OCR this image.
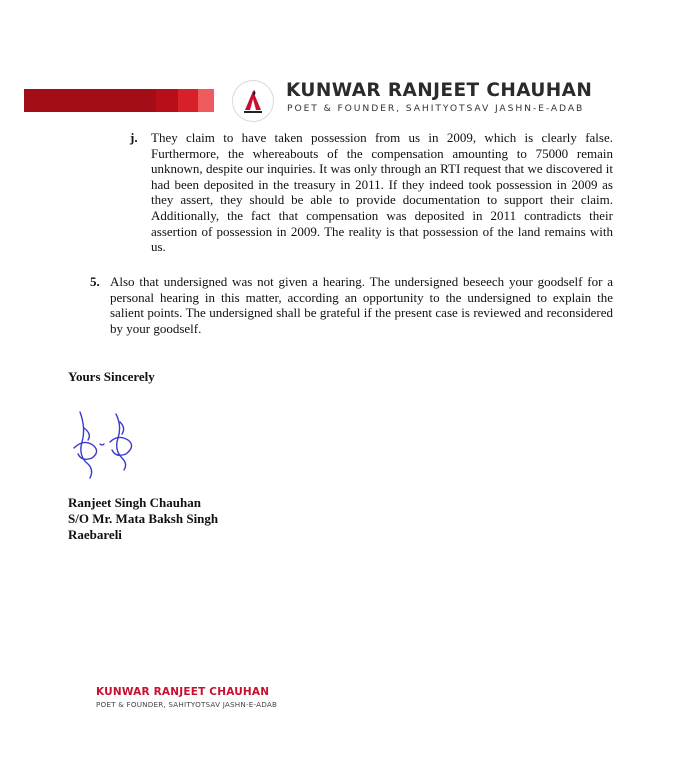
KUNWAR RANJEET CHAUHAN
POET & FOUNDER, SAHITYOTSAV JASHN-E-ADAB
j. They claim to have taken possession from us in 2009, which is clearly false. Furthermore, the whereabouts of the compensation amounting to 75000 remain unknown, despite our inquiries. It was only through an RTI request that we discovered it had been deposited in the treasury in 2011. If they indeed took possession in 2009 as they assert, they should be able to provide documentation to support their claim. Additionally, the fact that compensation was deposited in 2011 contradicts their assertion of possession in 2009. The reality is that possession of the land remains with us.
5. Also that undersigned was not given a hearing. The undersigned beseech your goodself for a personal hearing in this matter, according an opportunity to the undersigned to explain the salient points. The undersigned shall be grateful if the present case is reviewed and reconsidered by your goodself.
Yours Sincerely
Ranjeet Singh Chauhan
S/O Mr. Mata Baksh Singh
Raebareli
KUNWAR RANJEET CHAUHAN
POET & FOUNDER, SAHITYOTSAV JASHN-E-ADAB
